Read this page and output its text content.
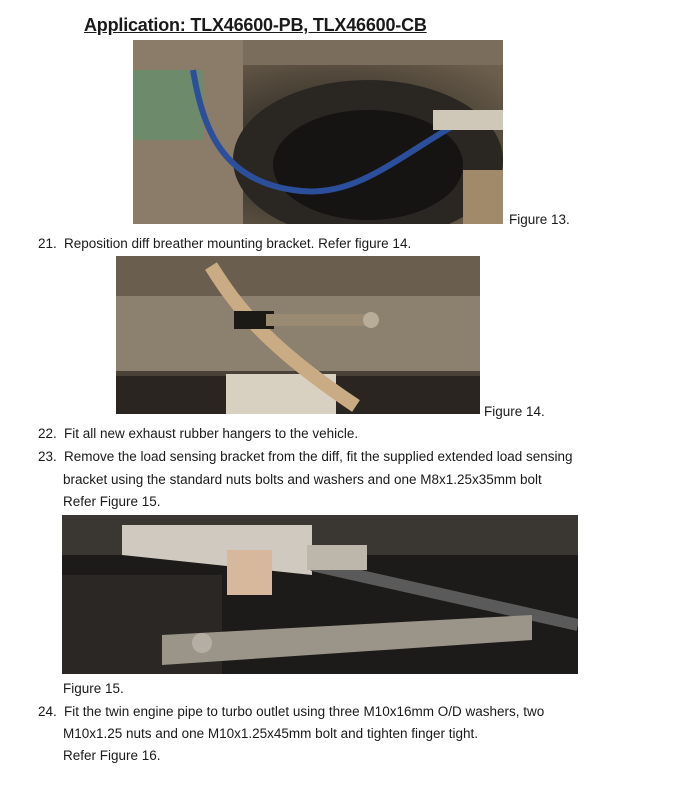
Application: TLX46600-PB, TLX46600-CB
Figure 13.
21. Reposition diff breather mounting bracket. Refer figure 14.
Figure 14.
22. Fit all new exhaust rubber hangers to the vehicle.
23. Remove the load sensing bracket from the diff, fit the supplied extended load sensing
bracket using the standard nuts bolts and washers and one M8x1.25x35mm bolt
Refer Figure 15.
Figure 15.
24. Fit the twin engine pipe to turbo outlet using three M10x16mm O/D washers, two
M10x1.25 nuts and one M10x1.25x45mm bolt and tighten finger tight.
Refer Figure 16.
